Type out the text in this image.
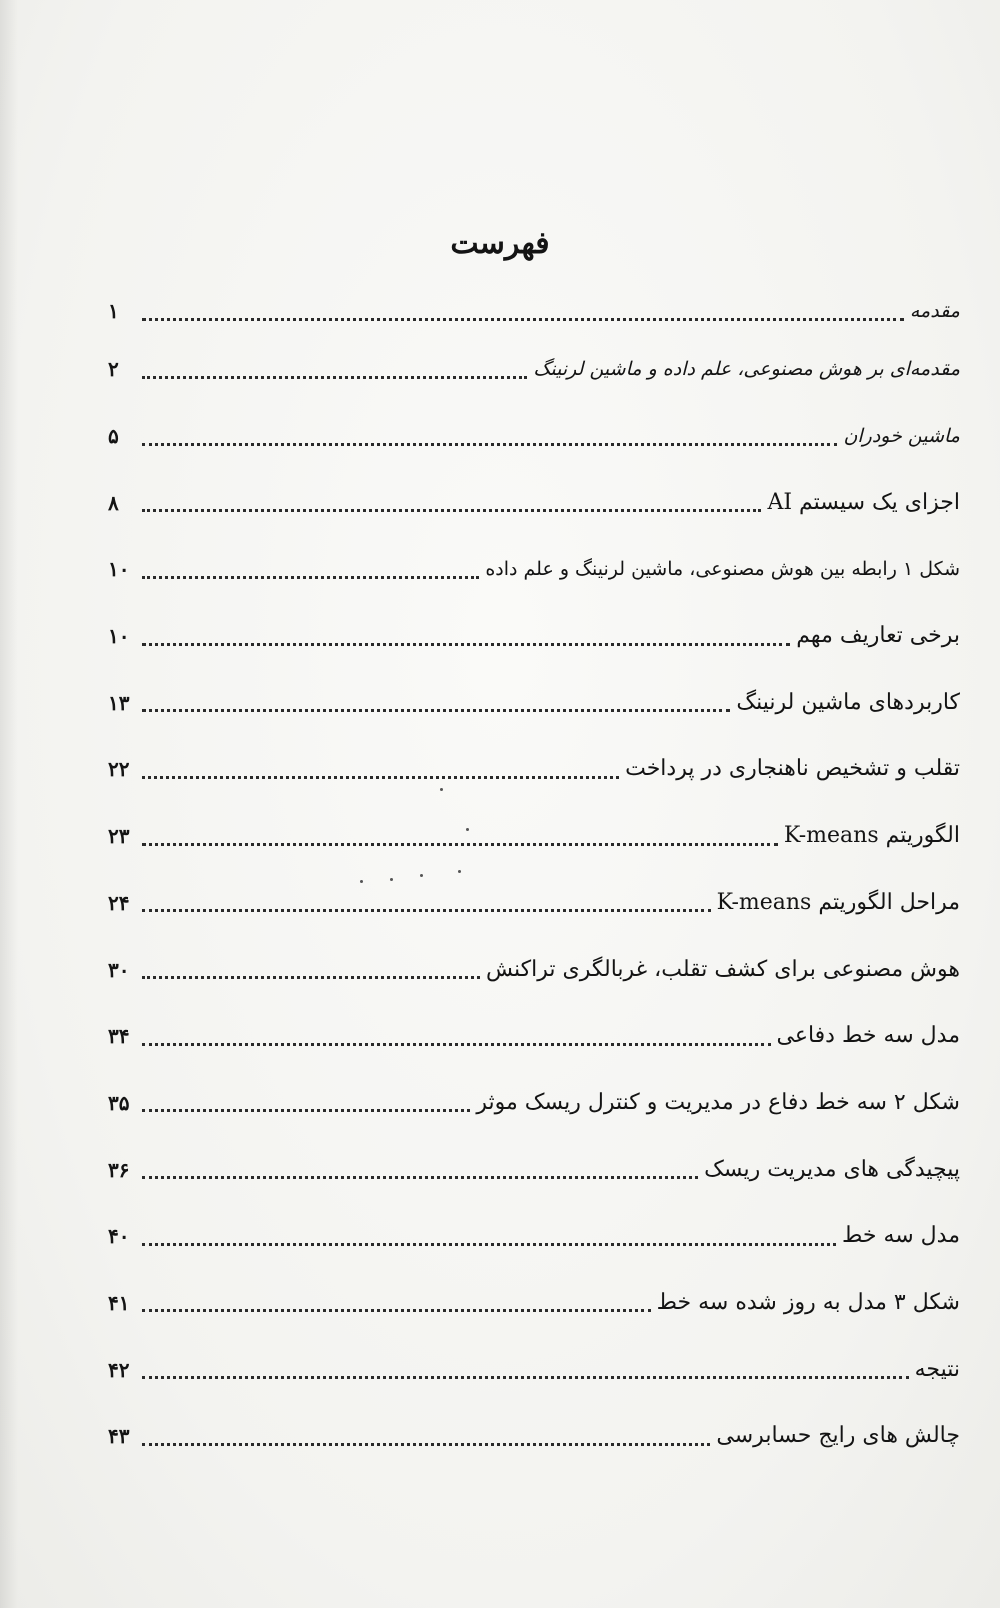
فهرست
مقدمه
۱
مقدمه‌ای بر هوش مصنوعی، علم داده و ماشین لرنینگ
۲
ماشین خودران
۵
اجزای یک سیستم AI
۸
شکل ۱ رابطه بین هوش مصنوعی، ماشین لرنینگ و علم داده
۱۰
برخی تعاریف مهم
۱۰
کاربردهای ماشین لرنینگ
۱۳
تقلب و تشخیص ناهنجاری در پرداخت
۲۲
الگوریتم K-means
۲۳
مراحل الگوریتم K-means
۲۴
هوش مصنوعی برای کشف تقلب، غربالگری تراکنش
۳۰
مدل سه خط دفاعی
۳۴
شکل ۲ سه خط دفاع در مدیریت و کنترل ریسک موثر
۳۵
پیچیدگی های مدیریت ریسک
۳۶
مدل سه خط
۴۰
شکل ۳ مدل به روز شده سه خط
۴۱
نتیجه
۴۲
چالش های رایج حسابرسی
۴۳
